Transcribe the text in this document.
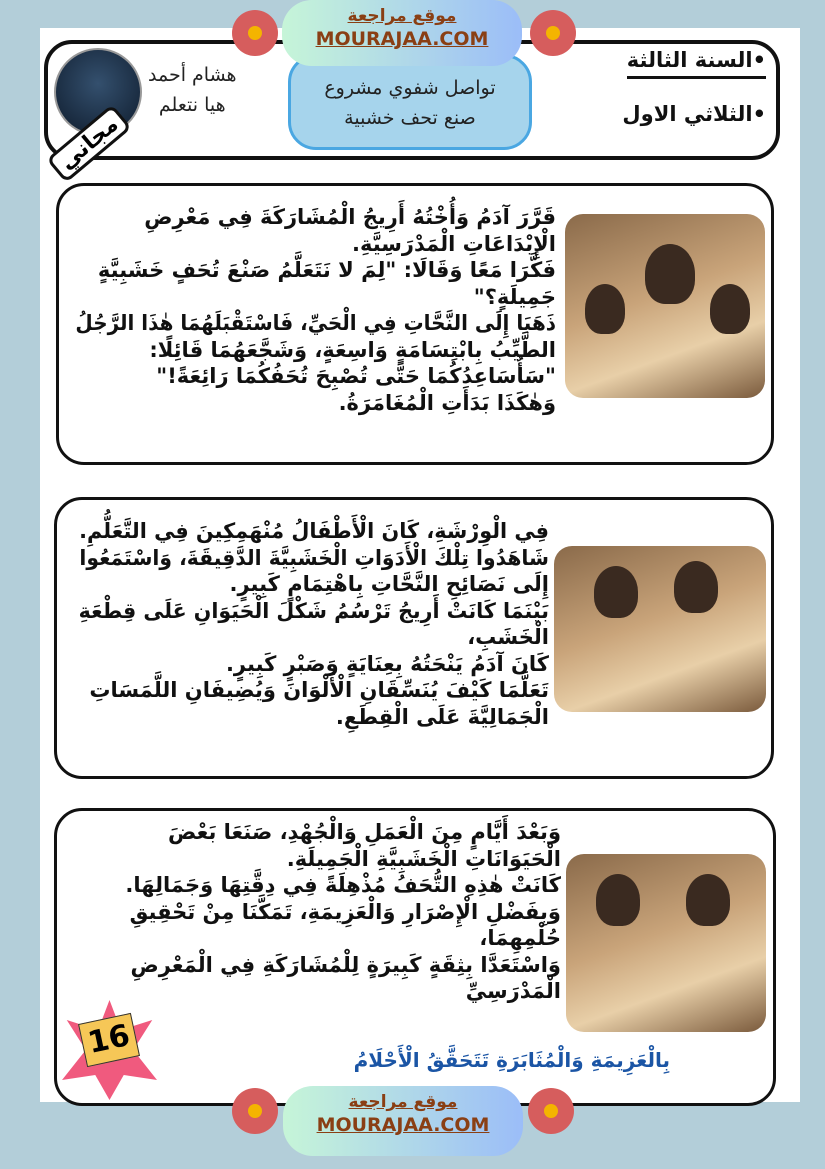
•السنة الثالثة
•الثلاثي الاول
تواصل شفوي مشروع
صنع تحف خشبية
هشام أحمد
هيا نتعلم
مجاني
قَرَّرَ آدَمُ وَأُخْتُهُ أَرِيجُ الْمُشَارَكَةَ فِي مَعْرِضِ
الْإِبْدَاعَاتِ الْمَدْرَسِيَّةِ.
فَكَّرَا مَعًا وَقَالَا: "لِمَ لا نَتَعَلَّمُ صَنْعَ تُحَفٍ خَشَبِيَّةٍ
جَمِيلَةٍ؟"
ذَهَبَا إِلَى النَّحَّاتِ فِي الْحَيِّ، فَاسْتَقْبَلَهُمَا هٰذَا الرَّجُلُ
الطَّيِّبُ بِابْتِسَامَةٍ وَاسِعَةٍ، وَشَجَّعَهُمَا قَائِلًا:
"سَأُسَاعِدُكُمَا حَتَّى تُصْبِحَ تُحَفُكُمَا رَائِعَةً!"
وَهٰكَذَا بَدَأَتِ الْمُغَامَرَةُ.
فِي الْوِرْشَةِ، كَانَ الْأَطْفَالُ مُنْهَمِكِينَ فِي التَّعَلُّمِ.
شَاهَدُوا تِلْكَ الْأَدَوَاتِ الْخَشَبِيَّةَ الدَّقِيقَةَ، وَاسْتَمَعُوا
إِلَى نَصَائِحِ النَّحَّاتِ بِاهْتِمَامٍ كَبِيرٍ.
بَيْنَمَا كَانَتْ أَرِيجُ تَرْسُمُ شَكْلَ الْحَيَوَانِ عَلَى قِطْعَةِ
الْخَشَبِ،
كَانَ آدَمُ يَنْحَتُهُ بِعِنَايَةٍ وَصَبْرٍ كَبِيرٍ.
تَعَلَّمَا كَيْفَ يُنَسِّقَانِ الْأَلْوَانَ وَيُضِيفَانِ اللَّمَسَاتِ
الْجَمَالِيَّةَ عَلَى الْقِطَعِ.
وَبَعْدَ أَيَّامٍ مِنَ الْعَمَلِ وَالْجُهْدِ، صَنَعَا بَعْضَ
الْحَيَوَانَاتِ الْخَشَبِيَّةِ الْجَمِيلَةِ.
كَانَتْ هٰذِهِ التُّحَفُ مُذْهِلَةً فِي دِقَّتِهَا وَجَمَالِهَا.
وَبِفَضْلِ الْإِصْرَارِ وَالْعَزِيمَةِ، تَمَكَّنَا مِنْ تَحْقِيقِ
حُلْمِهِمَا،
وَاسْتَعَدَّا بِثِقَةٍ كَبِيرَةٍ لِلْمُشَارَكَةِ فِي الْمَعْرِضِ
الْمَدْرَسِيِّ
16	بِالْعَزِيمَةِ وَالْمُثَابَرَةِ تَتَحَقَّقُ الْأَحْلَامُ
موقع مراجعة
MOURAJAA.COM
موقع مراجعة
MOURAJAA.COM
